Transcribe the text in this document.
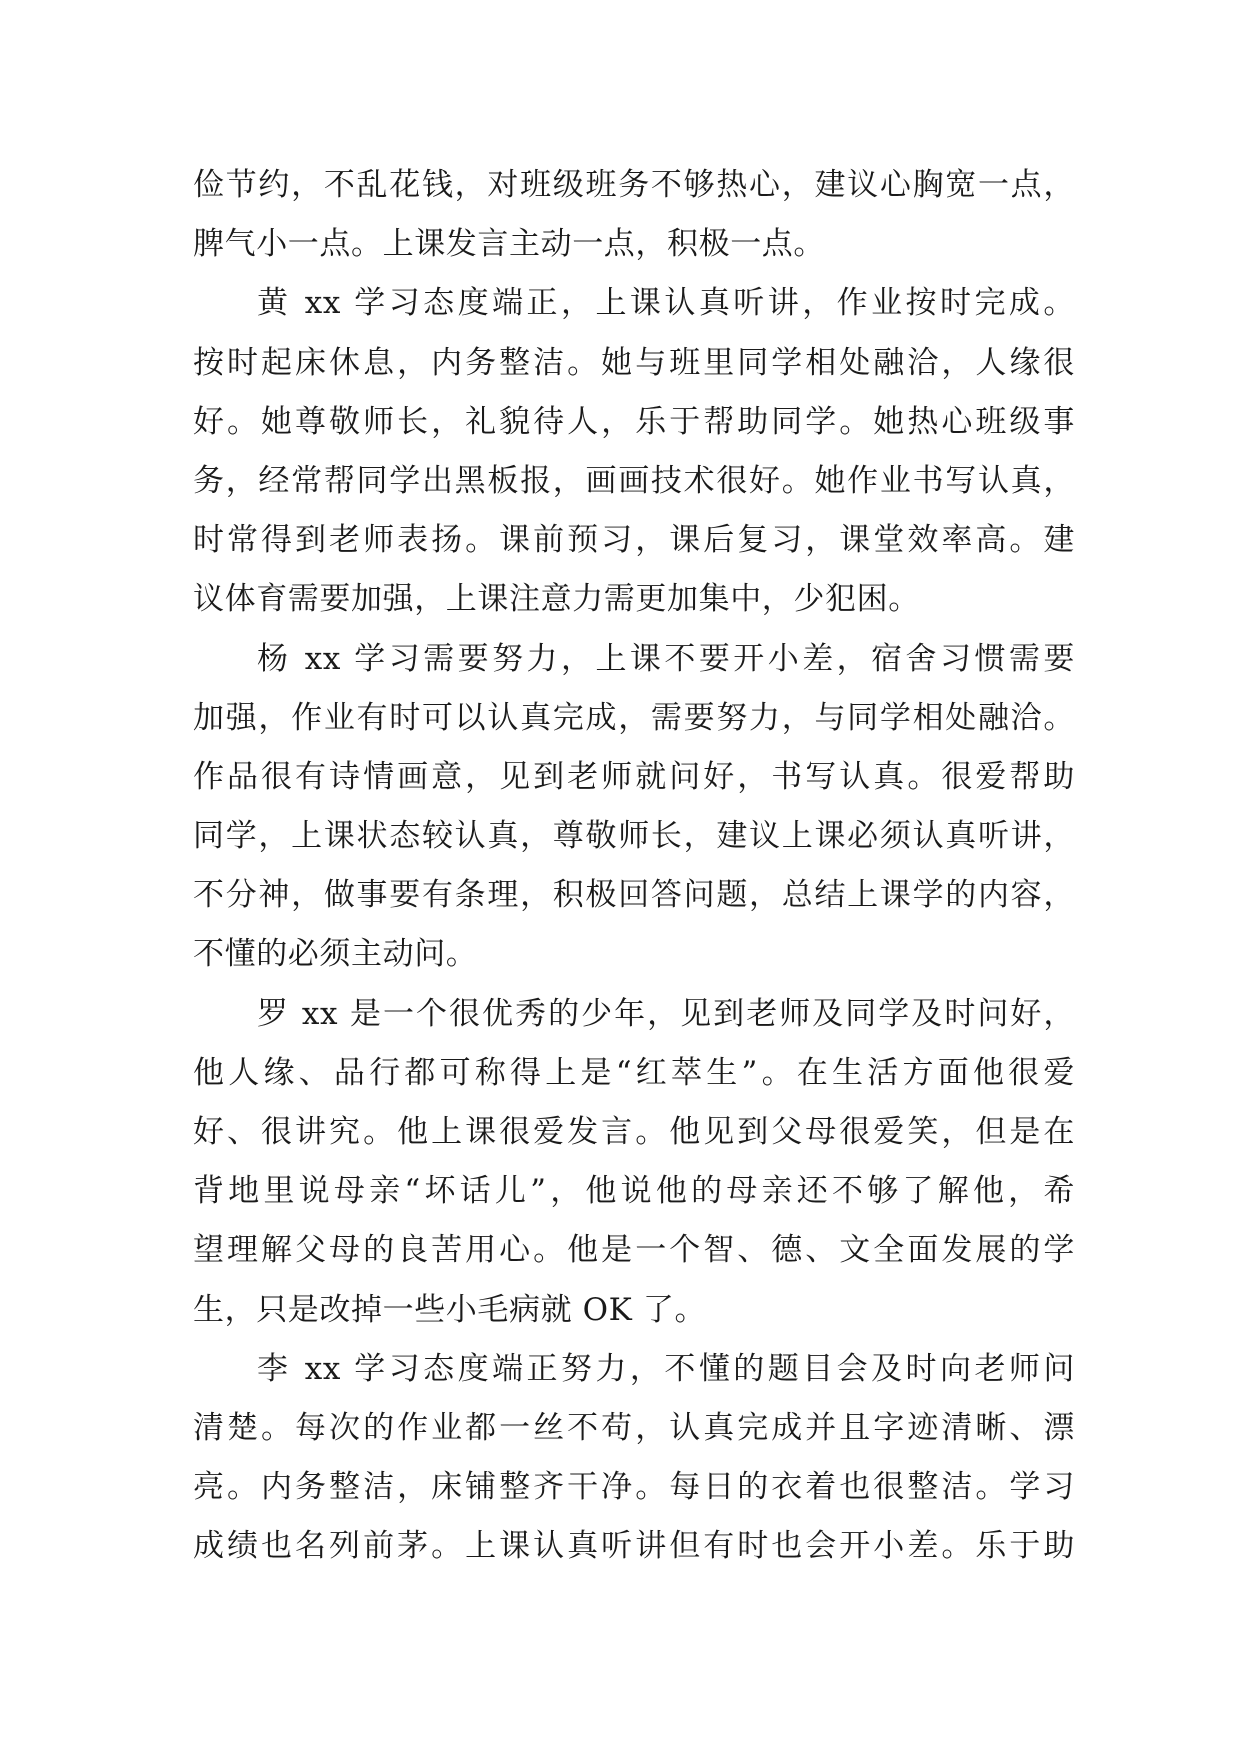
俭节约，不乱花钱，对班级班务不够热心，建议心胸宽一点，
脾气小一点。上课发言主动一点，积极一点。
黄 xx 学习态度端正，上课认真听讲，作业按时完成。
按时起床休息，内务整洁。她与班里同学相处融洽，人缘很
好。她尊敬师长，礼貌待人，乐于帮助同学。她热心班级事
务，经常帮同学出黑板报，画画技术很好。她作业书写认真，
时常得到老师表扬。课前预习，课后复习，课堂效率高。建
议体育需要加强，上课注意力需更加集中，少犯困。
杨 xx 学习需要努力，上课不要开小差，宿舍习惯需要
加强，作业有时可以认真完成，需要努力，与同学相处融洽。
作品很有诗情画意，见到老师就问好，书写认真。很爱帮助
同学，上课状态较认真，尊敬师长，建议上课必须认真听讲，
不分神，做事要有条理，积极回答问题，总结上课学的内容，
不懂的必须主动问。
罗 xx 是一个很优秀的少年，见到老师及同学及时问好，
他人缘、品行都可称得上是“红萃生”。在生活方面他很爱
好、很讲究。他上课很爱发言。他见到父母很爱笑，但是在
背地里说母亲“坏话儿”，他说他的母亲还不够了解他，希
望理解父母的良苦用心。他是一个智、德、文全面发展的学
生，只是改掉一些小毛病就 OK 了。
李 xx 学习态度端正努力，不懂的题目会及时向老师问
清楚。每次的作业都一丝不苟，认真完成并且字迹清晰、漂
亮。内务整洁，床铺整齐干净。每日的衣着也很整洁。学习
成绩也名列前茅。上课认真听讲但有时也会开小差。乐于助
